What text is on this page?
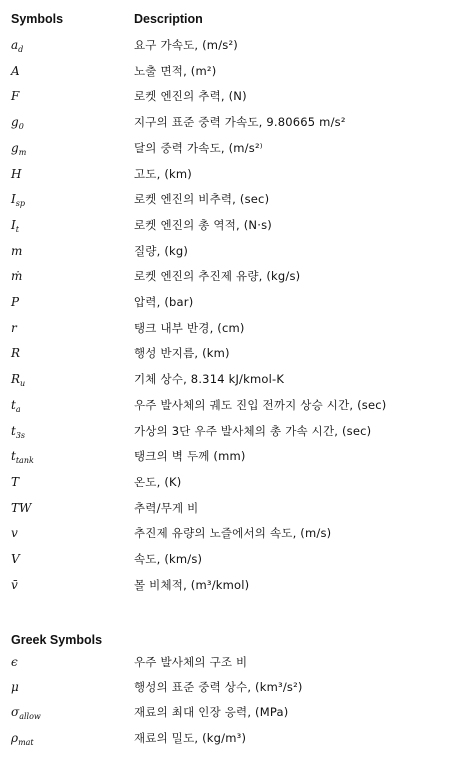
Symbols	Description
$a_d$	요구 가속도, (m/s²)
A	노출 면적, (m²)
F	로켓 엔진의 추력, (N)
$g_0$	지구의 표준 중력 가속도, 9.80665 m/s²
$g_m$	달의 중력 가속도, (m/s²⁾
H	고도, (km)
$I_{sp}$	로켓 엔진의 비추력, (sec)
$I_t$	로켓 엔진의 총 역적, (N·s)
m	질량, (kg)
ṁ	로켓 엔진의 추진제 유량, (kg/s)
P	압력, (bar)
r	탱크 내부 반경, (cm)
R	행성 반지름, (km)
$R_u$	기체 상수, 8.314 kJ/kmol-K
$t_a$	우주 발사체의 궤도 진입 전까지 상승 시간, (sec)
$t_{3s}$	가상의 3단 우주 발사체의 총 가속 시간, (sec)
$t_{tank}$	탱크의 벽 두께 (mm)
T	온도, (K)
TW	추력/무게 비
v	추진제 유량의 노즐에서의 속도, (m/s)
V	속도, (km/s)
v̄	몰 비체적, (m³/kmol)
Greek Symbols
ϵ	우주 발사체의 구조 비
μ	행성의 표준 중력 상수, (km³/s²)
$\sigma_{allow}$	재료의 최대 인장 응력, (MPa)
$\rho_{mat}$	재료의 밀도, (kg/m³)
